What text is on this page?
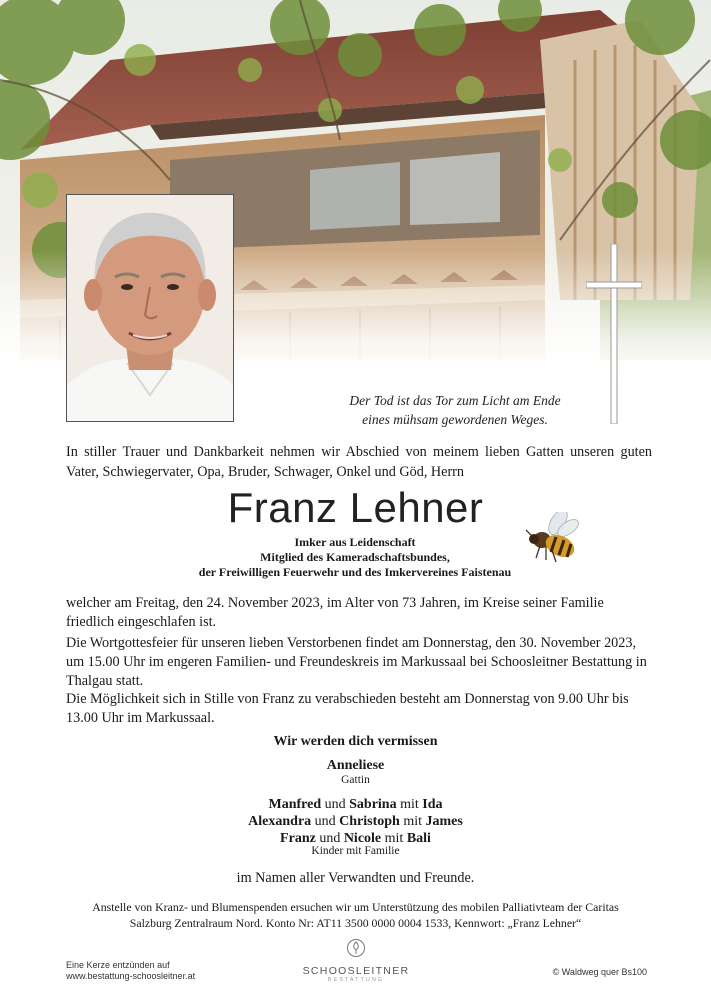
Der Tod ist das Tor zum Licht am Ende
eines mühsam gewordenen Weges.
In stiller Trauer und Dankbarkeit nehmen wir Abschied von meinem lieben Gatten unseren guten Vater, Schwiegervater, Opa, Bruder, Schwager, Onkel und Göd, Herrn
Franz Lehner
Imker aus Leidenschaft
Mitglied des Kameradschaftsbundes,
der Freiwilligen Feuerwehr und des Imkervereines Faistenau
welcher am Freitag, den 24. November 2023, im Alter von 73 Jahren, im Kreise seiner Familie friedlich eingeschlafen ist.
Die Wortgottesfeier für unseren lieben Verstorbenen findet am Donnerstag, den 30. November 2023, um 15.00 Uhr im engeren Familien- und Freundeskreis im Markussaal bei Schoosleitner Bestattung in Thalgau statt.
Die Möglichkeit sich in Stille von Franz zu verabschieden besteht am Donnerstag von 9.00 Uhr bis 13.00 Uhr im Markussaal.
Wir werden dich vermissen
Anneliese
Gattin
Manfred und Sabrina mit Ida
Alexandra und Christoph mit James
Franz und Nicole mit Bali
Kinder mit Familie
im Namen aller Verwandten und Freunde.
Anstelle von Kranz- und Blumenspenden ersuchen wir um Unterstützung des mobilen Palliativteam der Caritas
Salzburg Zentralraum Nord. Konto Nr: AT11 3500 0000 0004 1533, Kennwort: „Franz Lehner“
Eine Kerze entzünden auf
www.bestattung-schoosleitner.at	SCHOOSLEITNER
BESTATTUNG
© Waldweg quer Bs100
